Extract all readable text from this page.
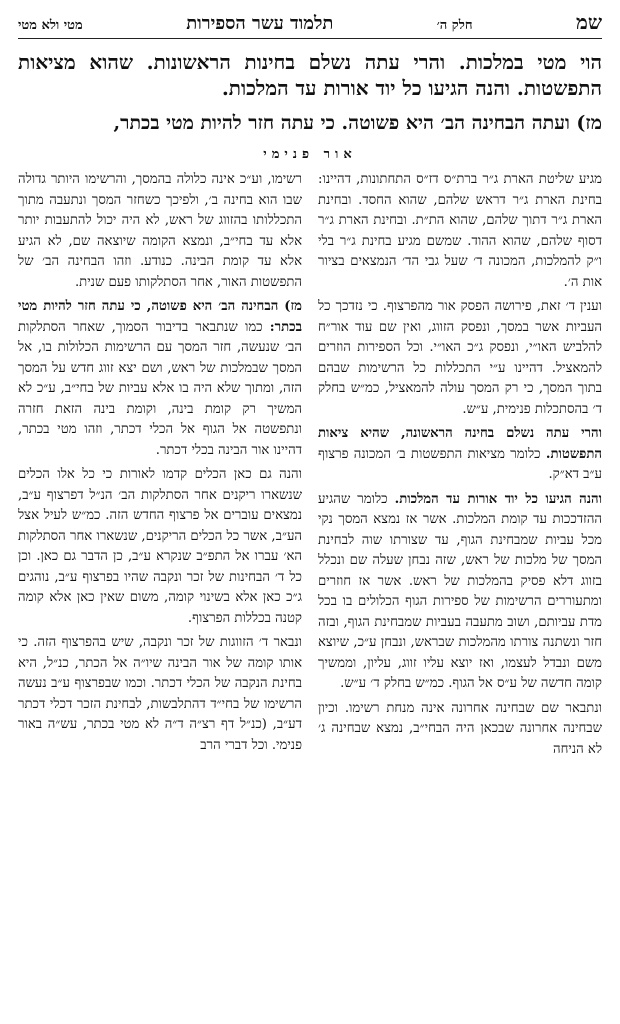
שמ
חלק ה׳
תלמוד עשר הספירות
מטי ולא מטי
הוי מטי במלכות. והרי עתה נשלם בחינות הראשונות. שהוא מציאות התפשטות. והנה הגיעו כל יוד אורות עד המלכות.
מז) ועתה הבחינה הב׳ היא פשוטה. כי עתה חזר להיות מטי בכתר,
אור פנימי

מגיע שליטת הארת ג״ר ברת״ס דז״ס התחתונות, דהיינו: בחינת הארת ג״ר דראש שלהם, שהוא החסד. ובחינת הארת ג״ר דתוך שלהם, שהוא הת״ת. ובחינת הארת ג״ר דסוף שלהם, שהוא ההוד. שמשם מגיע בחינת ג״ר בלי ו״ק להמלכות, המכונה ד׳ שעל גבי הד׳ הנמצאים בציור אות ה׳.

וענין ד׳ זאת, פירושה הפסק אור מהפרצוף. כי נזדכך כל העביות אשר במסך, ונפסק הזווג, ואין שם עוד אור״ח להלביש האו״י, ונפסק ג״כ האו״י. וכל הספירות הוזרים להמאציל. דהיינו ע״י התכללות כל הרשימות שבהם בתוך המסך, כי רק המסך עולה להמאציל, כמ״ש בחלק ד׳ בהסתכלות פנימית, ע״ש.

והרי עתה נשלם בחינה הראשונה, שהיא ציאות התפשטות. כלומר מציאות התפשטות ב׳ המכונה פרצוף ע״ב דא״ק.

והנה הגיעו כל יוד אורות עד המלכות. כלומר שהגיע ההזדככות עד קומת המלכות. אשר אז נמצא המסך נקי מכל עביות שמבחינת הגוף, עד שצורתו שוה לבחינת המסך של מלכות של ראש, שזה נבחן שעלה שם ונכלל בזווג דלא פסיק בהמלכות של ראש. אשר אז חוזרים ומתעוררים הרשימות של ספירות הגוף הכלולים בו בכל מדת עביותם, ושוב מתעבה בעביות שמבחינת הגוף, ובזה חזר ונשתנה צורתו מהמלכות שבראש, ונבחן ע״כ, שיוצא משם ונבדל לעצמו, ואז יוצא עליו זווג, עליון, וממשיך קומה חדשה של ע״ס אל הגוף. כמ״ש בחלק ד׳ ע״ש.

ונתבאר שם שבחינה אחרונה אינה מנחת רשימו. וכיון שבחינה אחרונה שבכאן היה הבחי״ב, נמצא שבחינה ג׳ לא הניחה

רשימו, וע״כ אינה כלולה בהמסך, והרשימו היותר גדולה שבו הוא בחינה ב׳, ולפיכך כשחזר המסך ונתעבה מתוך התכללותו בהזווג של ראש, לא היה יכול להתעבות יותר אלא עד בחי״ב, ונמצא הקומה שיוצאה שם, לא הגיע אלא עד קומת הבינה. כנודע. וזהו הבחינה הב׳ של התפשטות האור, אחר הסתלקותו פעם שנית.

מז) הבחינה הב׳ היא פשוטה, כי עתה חזר להיות מטי בכתר: כמו שנתבאר בדיבור הסמוך, שאחר הסתלקות הב׳ שנעשה, חזר המסך עם הרשימות הכלולות בו, אל המסך שבמלכות של ראש, ושם יצא זווג חדש על המסך הזה, ומתוך שלא היה בו אלא עביות של בחי״ב, ע״כ לא המשיך רק קומת בינה, וקומת בינה הזאת חזרה ונתפשטה אל הגוף אל הכלי דכתר, וזהו מטי בכתר, דהיינו אור הבינה בכלי דכתר.

והנה גם כאן הכלים קדמו לאורות כי כל אלו הכלים שנשארו ריקנים אחר הסתלקות הב׳ הנ״ל דפרצוף ע״ב, נמצאים עוברים אל פרצוף החדש הזה. כמ״ש לעיל אצל הע״ב, אשר כל הכלים הריקנים, שנשארו אחר הסתלקות הא׳ עברו אל התפ״ב שנקרא ע״ב, כן הדבר גם כאן. וכן כל ד׳ הבחינות של זכר ונקבה שהיו בפרצוף ע״ב, נוהגים ג״כ כאן אלא בשינוי קומה, משום שאין כאן אלא קומה קטנה בכללות הפרצוף.

ונבאר ד׳ הזווגות של זכר ונקבה, שיש בהפרצוף הזה. כי אותו קומה של אור הבינה שיו״ה אל הכתר, כנ״ל, היא בחינת הנקבה של הכלי דכתר. וכמו שבפרצוף ע״ב נעשה הרשימו של בחי״ד דהתלבשות, לבחינת הזכר דכלי דכתר דע״ב, (כנ״ל דף רצ״ה ד״ה לא מטי בכתר, עש״ה באור פנימי. וכל דברי הרב
